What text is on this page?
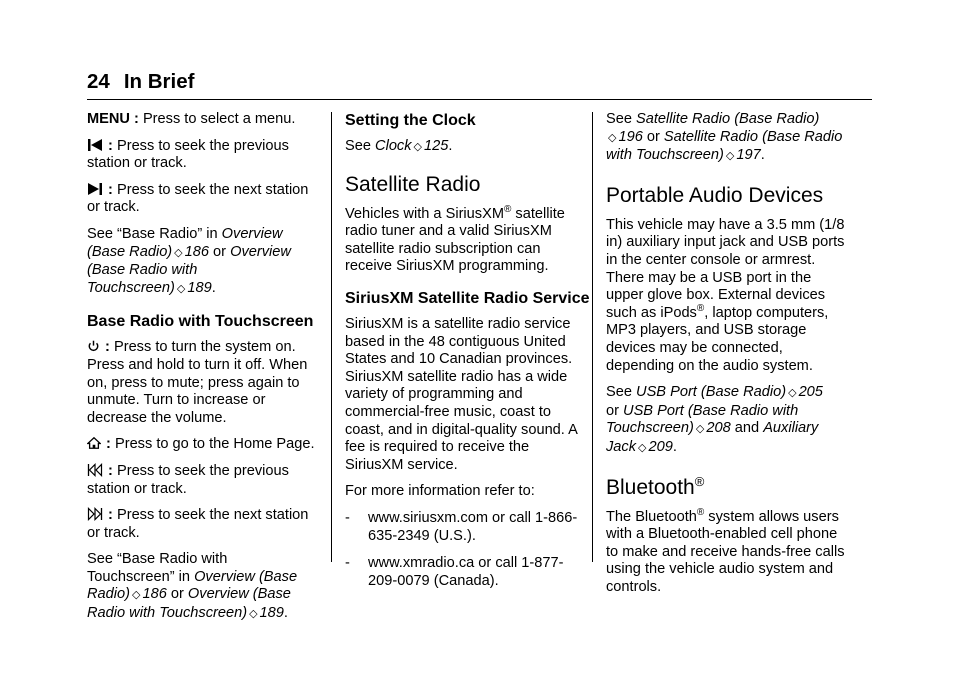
24 In Brief

MENU : Press to select a menu.

: Press to seek the previous station or track.

: Press to seek the next station or track.

See “Base Radio” in Overview (Base Radio) ◇ 186 or Overview (Base Radio with Touchscreen) ◇ 189.

Base Radio with Touchscreen

: Press to turn the system on. Press and hold to turn it off. When on, press to mute; press again to unmute. Turn to increase or decrease the volume.

: Press to go to the Home Page.

: Press to seek the previous station or track.

: Press to seek the next station or track.

See “Base Radio with Touchscreen” in Overview (Base Radio) ◇ 186 or Overview (Base Radio with Touchscreen) ◇ 189.

Setting the Clock

See Clock ◇ 125.

Satellite Radio

Vehicles with a SiriusXM® satellite radio tuner and a valid SiriusXM satellite radio subscription can receive SiriusXM programming.

SiriusXM Satellite Radio Service

SiriusXM is a satellite radio service based in the 48 contiguous United States and 10 Canadian provinces. SiriusXM satellite radio has a wide variety of programming and commercial-free music, coast to coast, and in digital-quality sound. A fee is required to receive the SiriusXM service.

For more information refer to:

‐ www.siriusxm.com or call 1-866-635-2349 (U.S.).
‐ www.xmradio.ca or call 1-877-209-0079 (Canada).

See Satellite Radio (Base Radio)
◇ 196 or Satellite Radio (Base Radio with Touchscreen) ◇ 197.

Portable Audio Devices

This vehicle may have a 3.5 mm (1/8 in) auxiliary input jack and USB ports in the center console or armrest. There may be a USB port in the upper glove box. External devices such as iPods®, laptop computers, MP3 players, and USB storage devices may be connected, depending on the audio system.

See USB Port (Base Radio) ◇ 205
or USB Port (Base Radio with Touchscreen) ◇ 208 and Auxiliary Jack ◇ 209.

Bluetooth®

The Bluetooth® system allows users with a Bluetooth-enabled cell phone to make and receive hands-free calls using the vehicle audio system and controls.
